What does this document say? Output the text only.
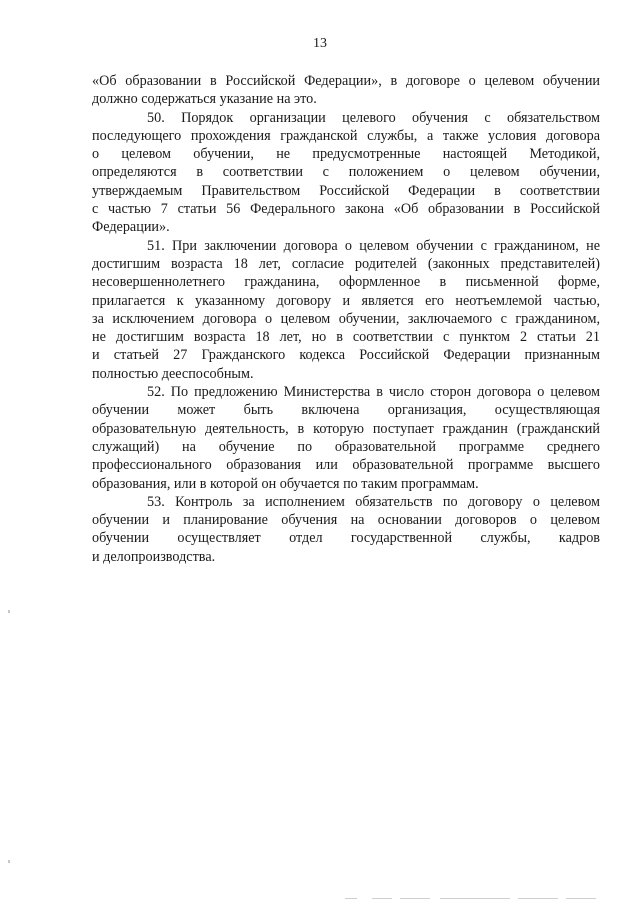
13
«Об образовании в Российской Федерации», в договоре о целевом обучении
должно содержаться указание на это.
50. Порядок организации целевого обучения с обязательством
последующего прохождения гражданской службы, а также условия договора
о целевом обучении, не предусмотренные настоящей Методикой,
определяются в соответствии с положением о целевом обучении,
утверждаемым Правительством Российской Федерации в соответствии
с частью 7 статьи 56 Федерального закона «Об образовании в Российской
Федерации».
51. При заключении договора о целевом обучении с гражданином, не
достигшим возраста 18 лет, согласие родителей (законных представителей)
несовершеннолетнего гражданина, оформленное в письменной форме,
прилагается к указанному договору и является его неотъемлемой частью,
за исключением договора о целевом обучении, заключаемого с гражданином,
не достигшим возраста 18 лет, но в соответствии с пунктом 2 статьи 21
и статьей 27 Гражданского кодекса Российской Федерации признанным
полностью дееспособным.
52. По предложению Министерства в число сторон договора о целевом
обучении может быть включена организация, осуществляющая
образовательную деятельность, в которую поступает гражданин (гражданский
служащий) на обучение по образовательной программе среднего
профессионального образования или образовательной программе высшего
образования, или в которой он обучается по таким программам.
53. Контроль за исполнением обязательств по договору о целевом
обучении и планирование обучения на основании договоров о целевом
обучении осуществляет отдел государственной службы, кадров
и делопроизводства.
